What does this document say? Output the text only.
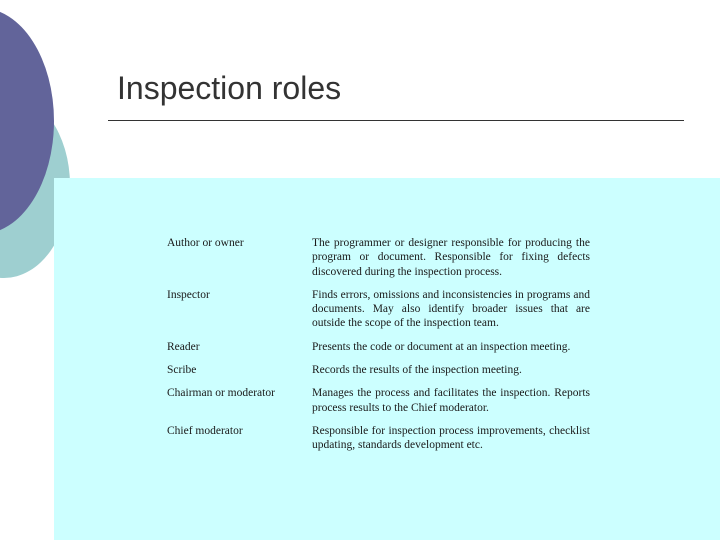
Inspection roles
Author or owner	The programmer or designer responsible for producing the program or document. Responsible for fixing defects discovered during the inspection process.
Inspector	Finds errors, omissions and inconsistencies in programs and documents. May also identify broader issues that are outside the scope of the inspection team.
Reader	Presents the code or document at an inspection meeting.
Scribe	Records the results of the inspection meeting.
Chairman or moderator	Manages the process and facilitates the inspection. Reports process results to the Chief moderator.
Chief moderator	Responsible for inspection process improvements, checklist updating, standards development etc.
